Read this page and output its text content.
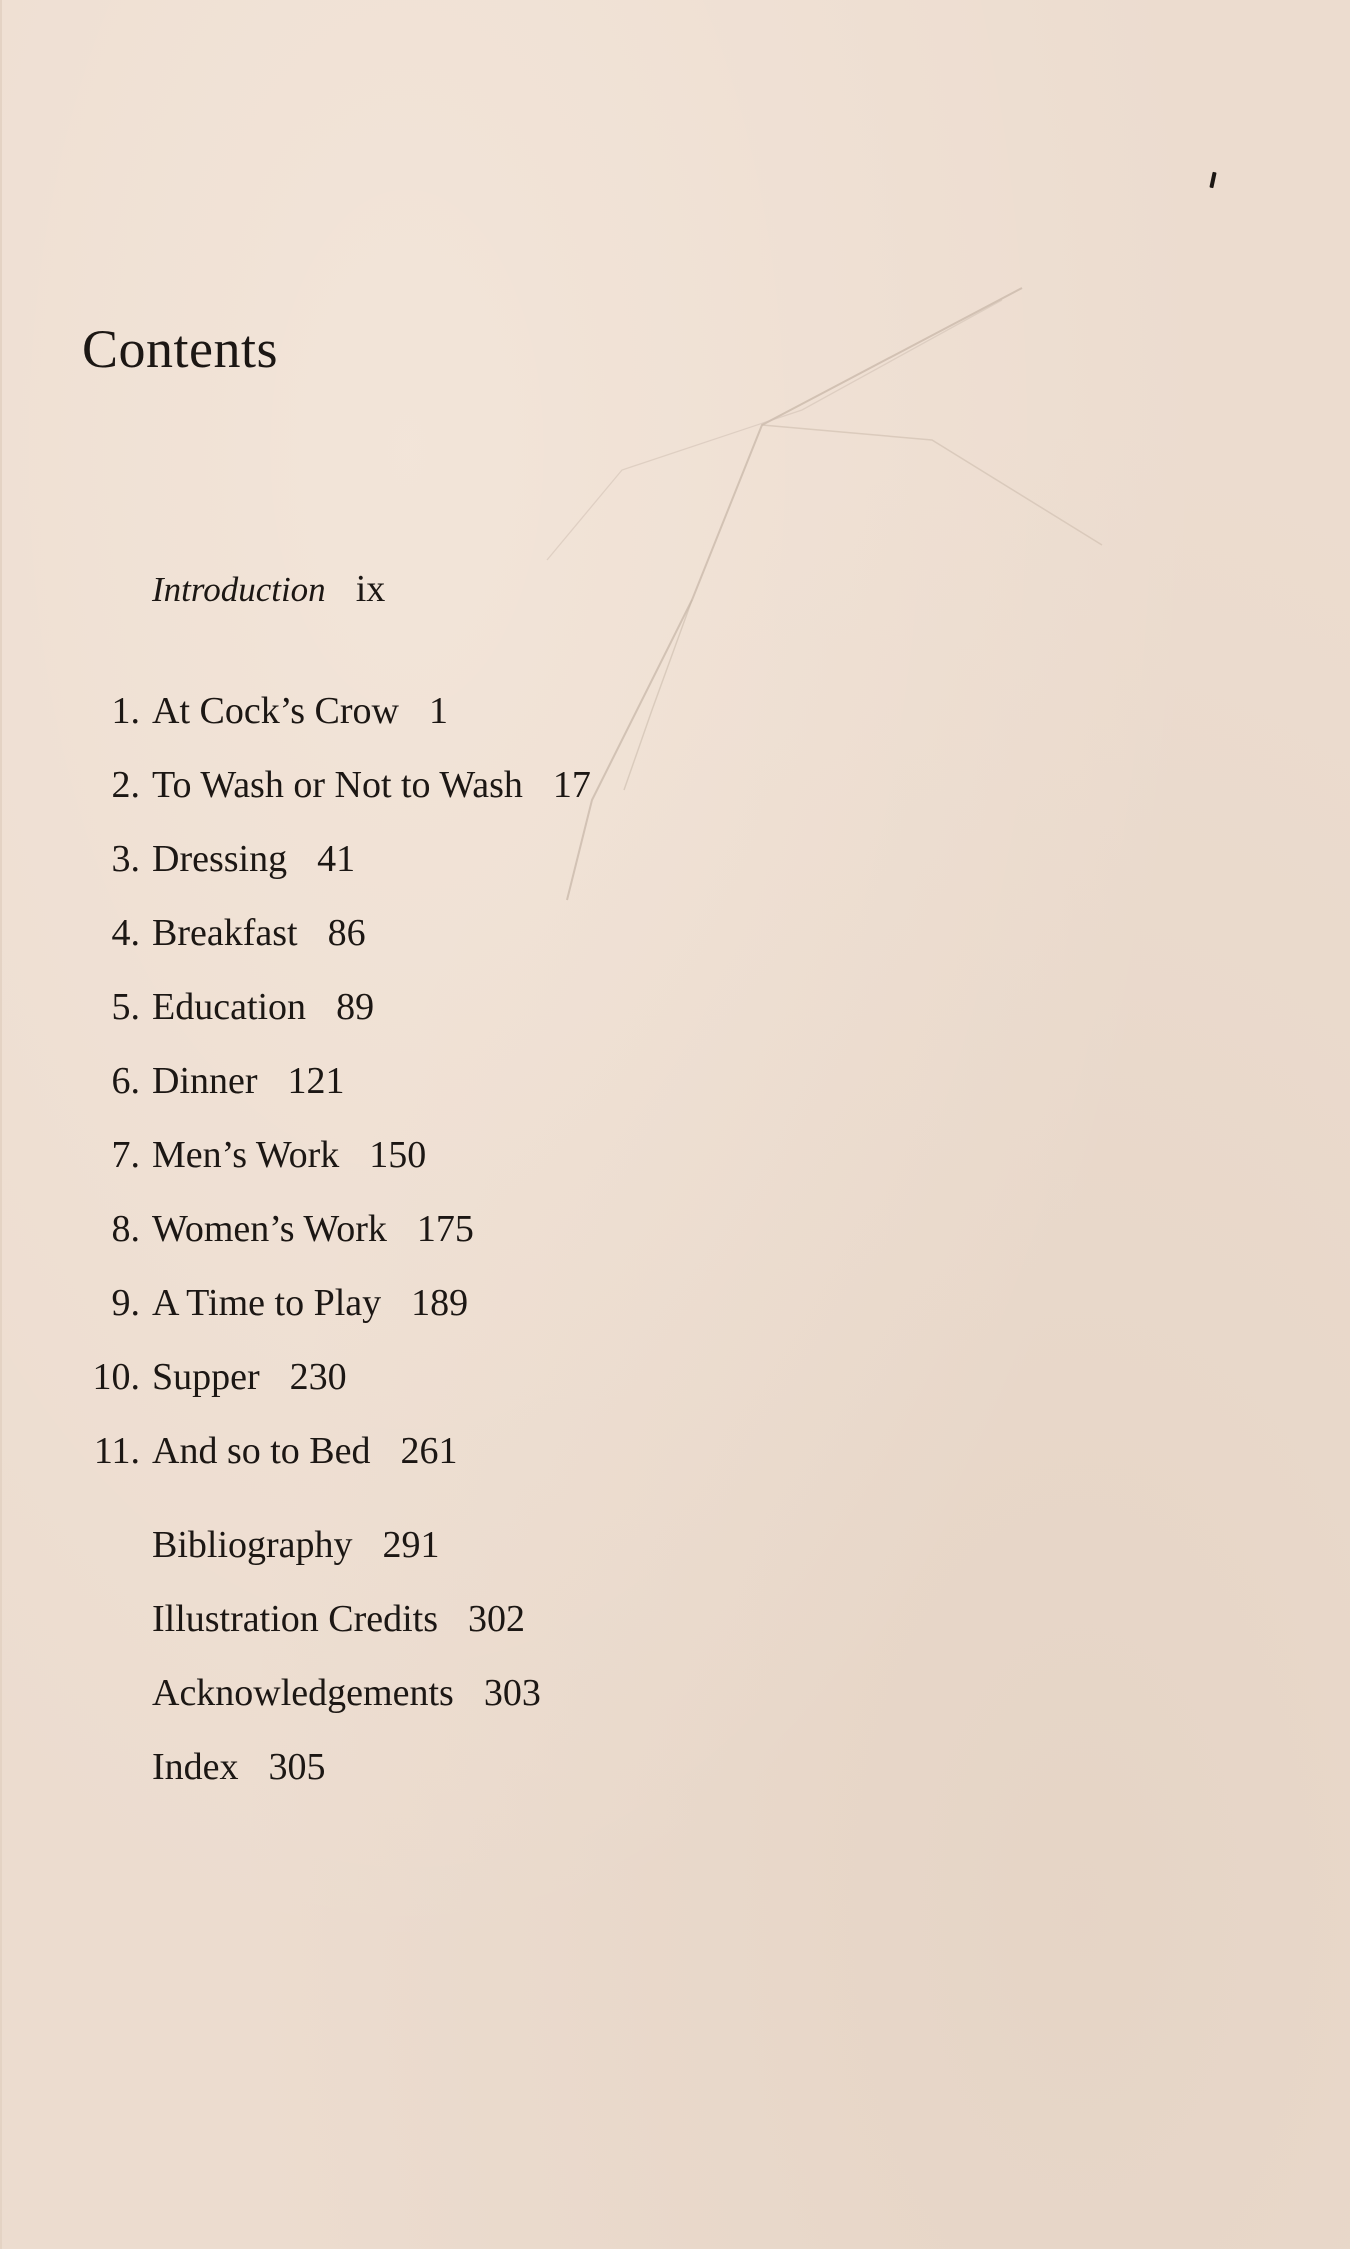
Contents
Introduction ix
1. At Cock’s Crow 1
2. To Wash or Not to Wash 17
3. Dressing 41
4. Breakfast 86
5. Education 89
6. Dinner 121
7. Men’s Work 150
8. Women’s Work 175
9. A Time to Play 189
10. Supper 230
11. And so to Bed 261
Bibliography 291
Illustration Credits 302
Acknowledgements 303
Index 305
